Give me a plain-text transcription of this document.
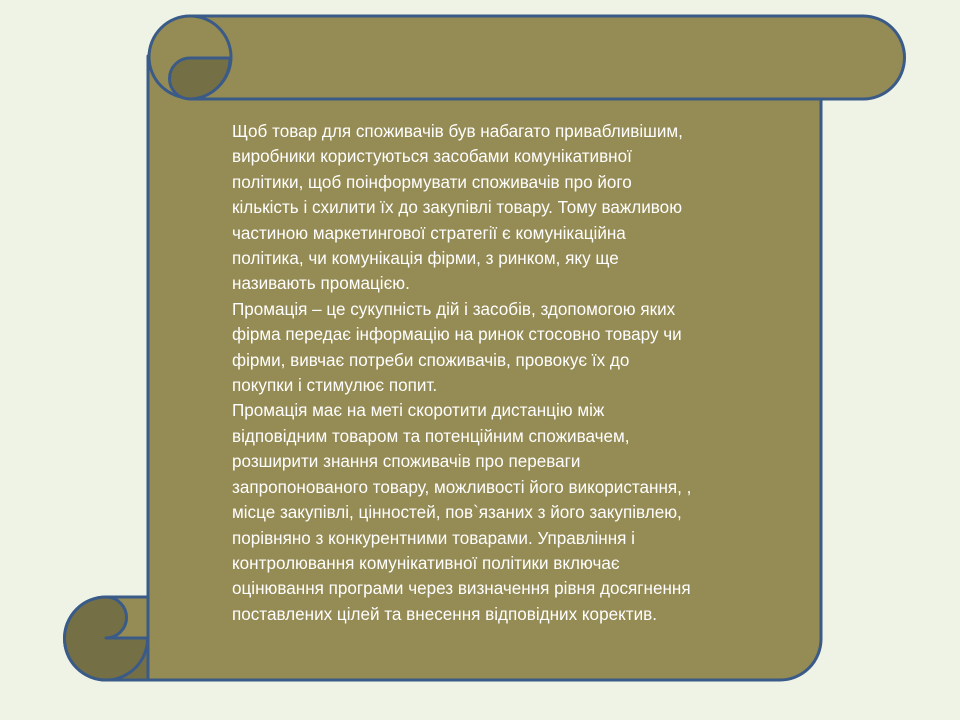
Щоб товар для споживачів був набагато привабливішим,
виробники користуються засобами комунікативної
політики, щоб поінформувати споживачів про його
кількість і схилити їх до закупівлі товару. Тому важливою
частиною маркетингової стратегії є комунікаційна
політика, чи комунікація фірми, з ринком, яку ще
називають промацією.

Промація – це сукупність дій і засобів, здопомогою яких
фірма передає інформацію на ринок стосовно товару чи
фірми, вивчає потреби споживачів, провокує їх до
покупки і стимулює попит.

Промація має на меті скоротити дистанцію між
відповідним товаром та потенційним споживачем,
розширити знання споживачів про переваги
запропонованого товару, можливості його використання, ,
місце закупівлі, цінностей, пов`язаних з його закупівлею,
порівняно з конкурентними товарами. Управління і
контролювання комунікативної політики включає
оцінювання програми через визначення рівня досягнення
поставлених цілей та внесення відповідних коректив.
